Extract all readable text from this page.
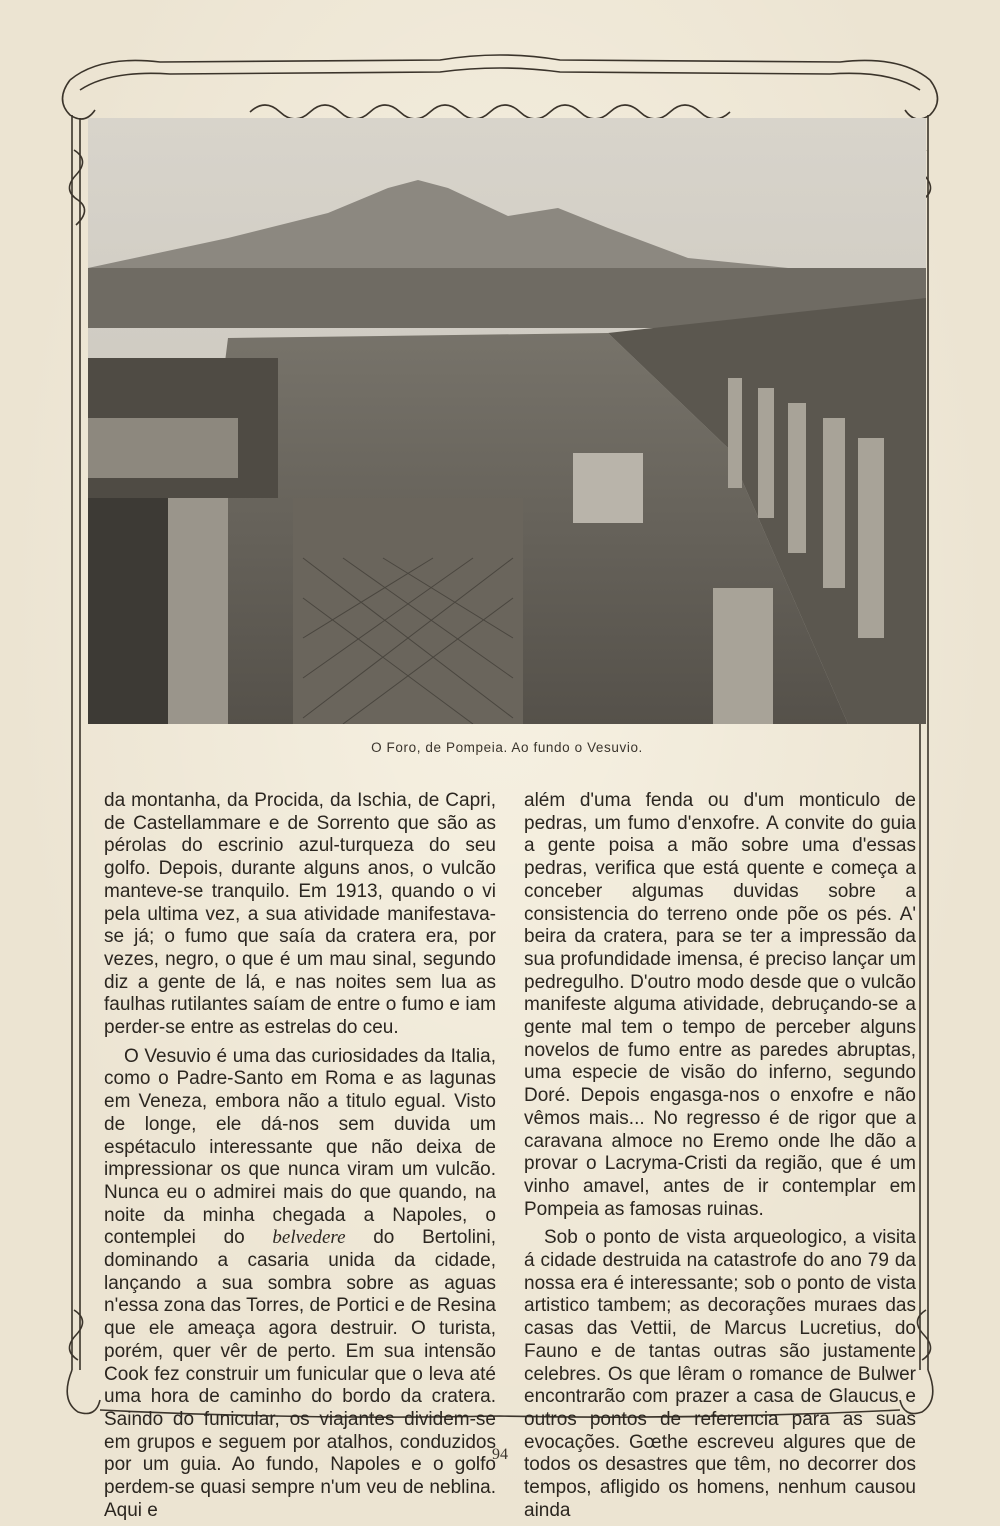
O Foro, de Pompeia. Ao fundo o Vesuvio.

da montanha, da Procida, da Ischia, de Capri, de Castellammare e de Sorrento que são as pérolas do escrinio azul-turqueza do seu golfo. Depois, durante alguns anos, o vulcão manteve-se tranquilo. Em 1913, quando o vi pela ultima vez, a sua atividade manifestava-se já; o fumo que saía da cratera era, por vezes, negro, o que é um mau sinal, segundo diz a gente de lá, e nas noites sem lua as faulhas rutilantes saíam de entre o fumo e iam perder-se entre as estrelas do ceu.

O Vesuvio é uma das curiosidades da Italia, como o Padre-Santo em Roma e as lagunas em Veneza, embora não a titulo egual. Visto de longe, ele dá-nos sem duvida um espétaculo interessante que não deixa de impressionar os que nunca viram um vulcão. Nunca eu o admirei mais do que quando, na noite da minha chegada a Napoles, o contemplei do belvedere do Bertolini, dominando a casaria unida da cidade, lançando a sua sombra sobre as aguas n'essa zona das Torres, de Portici e de Resina que ele ameaça agora destruir. O turista, porém, quer vêr de perto. Em sua intensão Cook fez construir um funicular que o leva até uma hora de caminho do bordo da cratera. Saindo do funicular, os viajantes dividem-se em grupos e seguem por atalhos, conduzidos por um guia. Ao fundo, Napoles e o golfo perdem-se quasi sempre n'um veu de neblina. Aqui e

além d'uma fenda ou d'um monticulo de pedras, um fumo d'enxofre. A convite do guia a gente poisa a mão sobre uma d'essas pedras, verifica que está quente e começa a conceber algumas duvidas sobre a consistencia do terreno onde põe os pés. A' beira da cratera, para se ter a impressão da sua profundidade imensa, é preciso lançar um pedregulho. D'outro modo desde que o vulcão manifeste alguma atividade, debruçando-se a gente mal tem o tempo de perceber alguns novelos de fumo entre as paredes abruptas, uma especie de visão do inferno, segundo Doré. Depois engasga-nos o enxofre e não vêmos mais... No regresso é de rigor que a caravana almoce no Eremo onde lhe dão a provar o Lacryma-Cristi da região, que é um vinho amavel, antes de ir contemplar em Pompeia as famosas ruinas.

Sob o ponto de vista arqueologico, a visita á cidade destruida na catastrofe do ano 79 da nossa era é interessante; sob o ponto de vista artistico tambem; as decorações muraes das casas das Vettii, de Marcus Lucretius, do Fauno e de tantas outras são justamente celebres. Os que lêram o romance de Bulwer encontrarão com prazer a casa de Glaucus e outros pontos de referencia para as suas evocações. Gœthe escreveu algures que de todos os desastres que têm, no decorrer dos tempos, afligido os homens, nenhum causou ainda

94
